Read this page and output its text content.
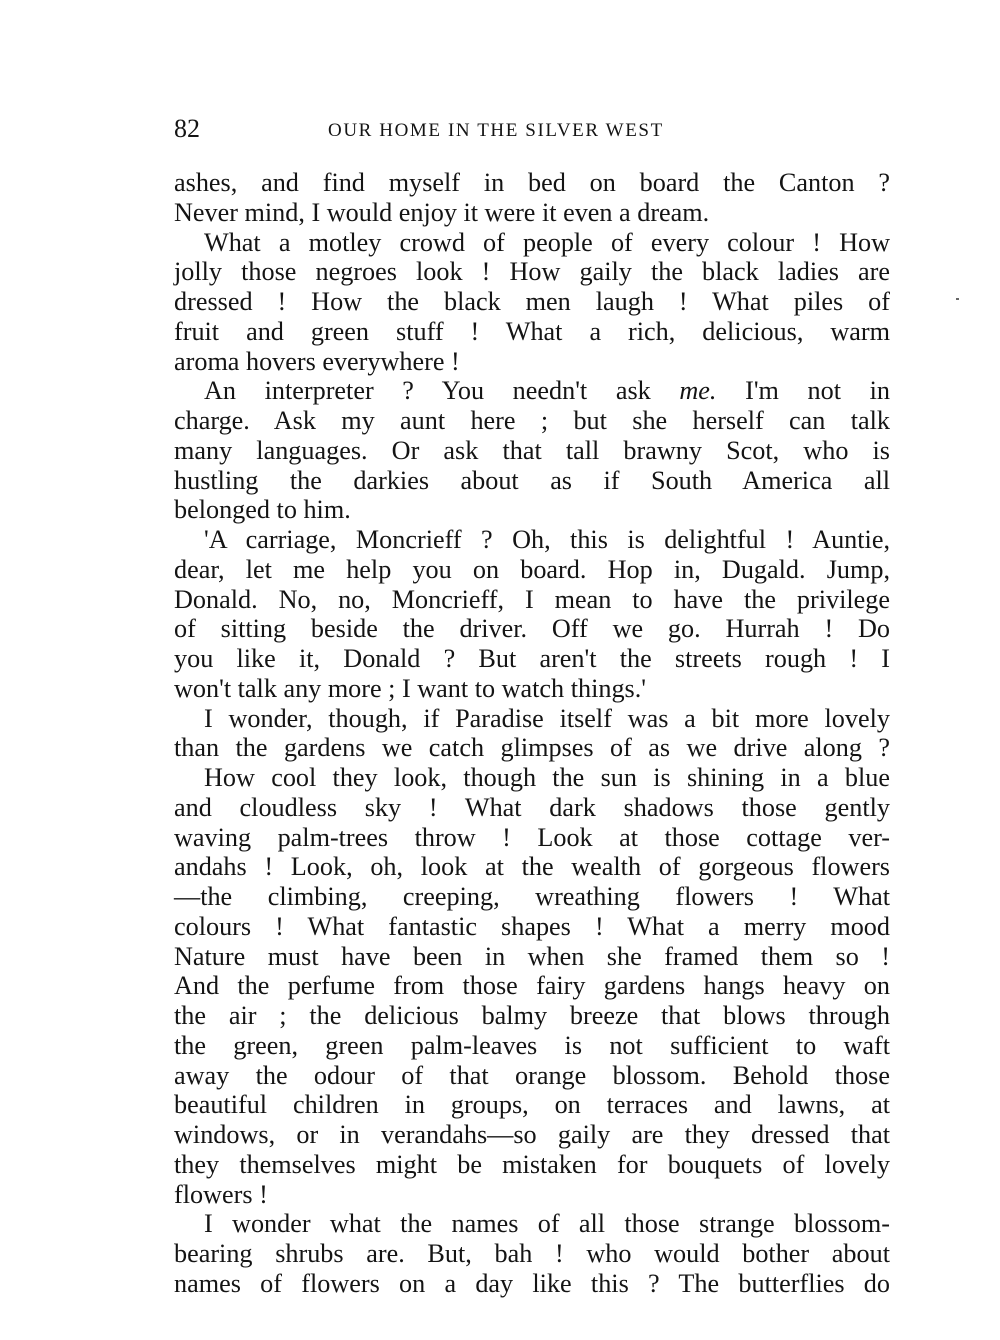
82	OUR HOME IN THE SILVER WEST
ashes, and find myself in bed on board the Canton ?
Never mind, I would enjoy it were it even a dream.
What a motley crowd of people of every colour ! How
jolly those negroes look ! How gaily the black ladies are
dressed ! How the black men laugh ! What piles of
fruit and green stuff ! What a rich, delicious, warm
aroma hovers everywhere !
An interpreter ? You needn't ask me. I'm not in
charge. Ask my aunt here ; but she herself can talk
many languages. Or ask that tall brawny Scot, who is
hustling the darkies about as if South America all
belonged to him.
'A carriage, Moncrieff ? Oh, this is delightful ! Auntie,
dear, let me help you on board. Hop in, Dugald. Jump,
Donald. No, no, Moncrieff, I mean to have the privilege
of sitting beside the driver. Off we go. Hurrah ! Do
you like it, Donald ? But aren't the streets rough ! I
won't talk any more ; I want to watch things.'
I wonder, though, if Paradise itself was a bit more lovely
than the gardens we catch glimpses of as we drive along ?
How cool they look, though the sun is shining in a blue
and cloudless sky ! What dark shadows those gently
waving palm-trees throw ! Look at those cottage ver-
andahs ! Look, oh, look at the wealth of gorgeous flowers
—the climbing, creeping, wreathing flowers ! What
colours ! What fantastic shapes ! What a merry mood
Nature must have been in when she framed them so !
And the perfume from those fairy gardens hangs heavy on
the air ; the delicious balmy breeze that blows through
the green, green palm-leaves is not sufficient to waft
away the odour of that orange blossom. Behold those
beautiful children in groups, on terraces and lawns, at
windows, or in verandahs—so gaily are they dressed that
they themselves might be mistaken for bouquets of lovely
flowers !
I wonder what the names of all those strange blossom-
bearing shrubs are. But, bah ! who would bother about
names of flowers on a day like this ? The butterflies do
